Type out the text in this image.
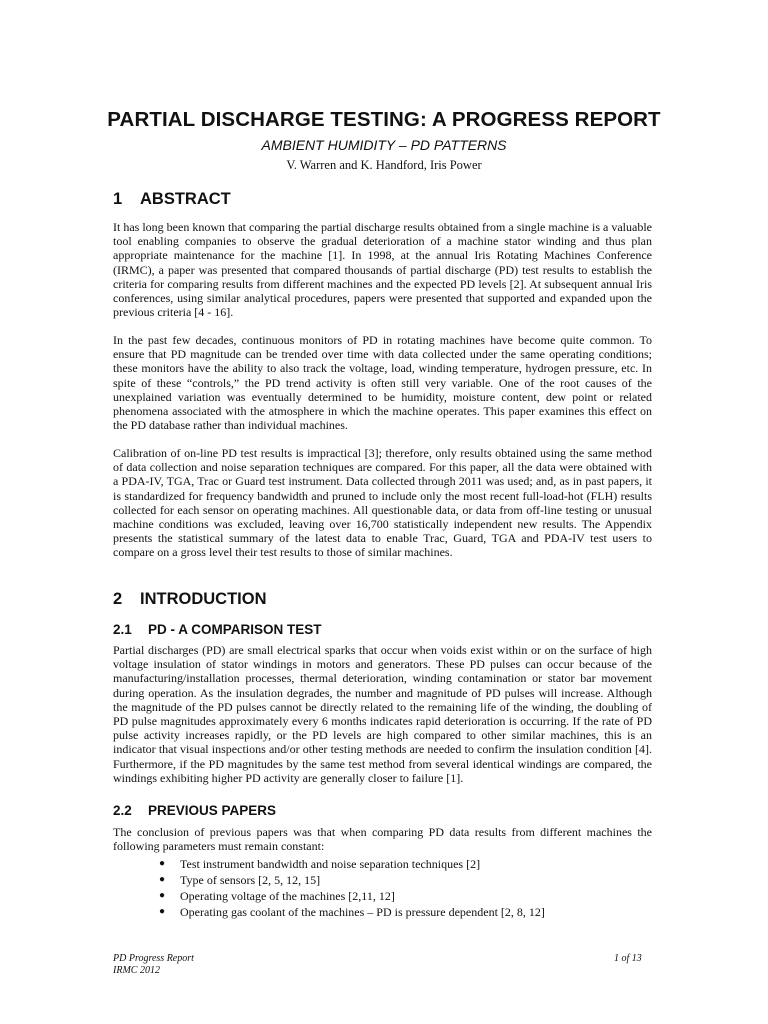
PARTIAL DISCHARGE TESTING: A PROGRESS REPORT
AMBIENT HUMIDITY – PD PATTERNS
V. Warren and K. Handford, Iris Power
1 ABSTRACT
It has long been known that comparing the partial discharge results obtained from a single machine is a valuable tool enabling companies to observe the gradual deterioration of a machine stator winding and thus plan appropriate maintenance for the machine [1]. In 1998, at the annual Iris Rotating Machines Conference (IRMC), a paper was presented that compared thousands of partial discharge (PD) test results to establish the criteria for comparing results from different machines and the expected PD levels [2]. At subsequent annual Iris conferences, using similar analytical procedures, papers were presented that supported and expanded upon the previous criteria [4 - 16].
In the past few decades, continuous monitors of PD in rotating machines have become quite common. To ensure that PD magnitude can be trended over time with data collected under the same operating conditions; these monitors have the ability to also track the voltage, load, winding temperature, hydrogen pressure, etc. In spite of these “controls,” the PD trend activity is often still very variable. One of the root causes of the unexplained variation was eventually determined to be humidity, moisture content, dew point or related phenomena associated with the atmosphere in which the machine operates. This paper examines this effect on the PD database rather than individual machines.
Calibration of on-line PD test results is impractical [3]; therefore, only results obtained using the same method of data collection and noise separation techniques are compared. For this paper, all the data were obtained with a PDA-IV, TGA, Trac or Guard test instrument. Data collected through 2011 was used; and, as in past papers, it is standardized for frequency bandwidth and pruned to include only the most recent full-load-hot (FLH) results collected for each sensor on operating machines. All questionable data, or data from off-line testing or unusual machine conditions was excluded, leaving over 16,700 statistically independent new results. The Appendix presents the statistical summary of the latest data to enable Trac, Guard, TGA and PDA-IV test users to compare on a gross level their test results to those of similar machines.
2 INTRODUCTION
2.1 PD - A COMPARISON TEST
Partial discharges (PD) are small electrical sparks that occur when voids exist within or on the surface of high voltage insulation of stator windings in motors and generators. These PD pulses can occur because of the manufacturing/installation processes, thermal deterioration, winding contamination or stator bar movement during operation. As the insulation degrades, the number and magnitude of PD pulses will increase. Although the magnitude of the PD pulses cannot be directly related to the remaining life of the winding, the doubling of PD pulse magnitudes approximately every 6 months indicates rapid deterioration is occurring. If the rate of PD pulse activity increases rapidly, or the PD levels are high compared to other similar machines, this is an indicator that visual inspections and/or other testing methods are needed to confirm the insulation condition [4]. Furthermore, if the PD magnitudes by the same test method from several identical windings are compared, the windings exhibiting higher PD activity are generally closer to failure [1].
2.2 PREVIOUS PAPERS
The conclusion of previous papers was that when comparing PD data results from different machines the following parameters must remain constant:
● Test instrument bandwidth and noise separation techniques [2]
● Type of sensors [2, 5, 12, 15]
● Operating voltage of the machines [2,11, 12]
● Operating gas coolant of the machines – PD is pressure dependent [2, 8, 12]
PD Progress Report
IRMC 2012
1 of 13
